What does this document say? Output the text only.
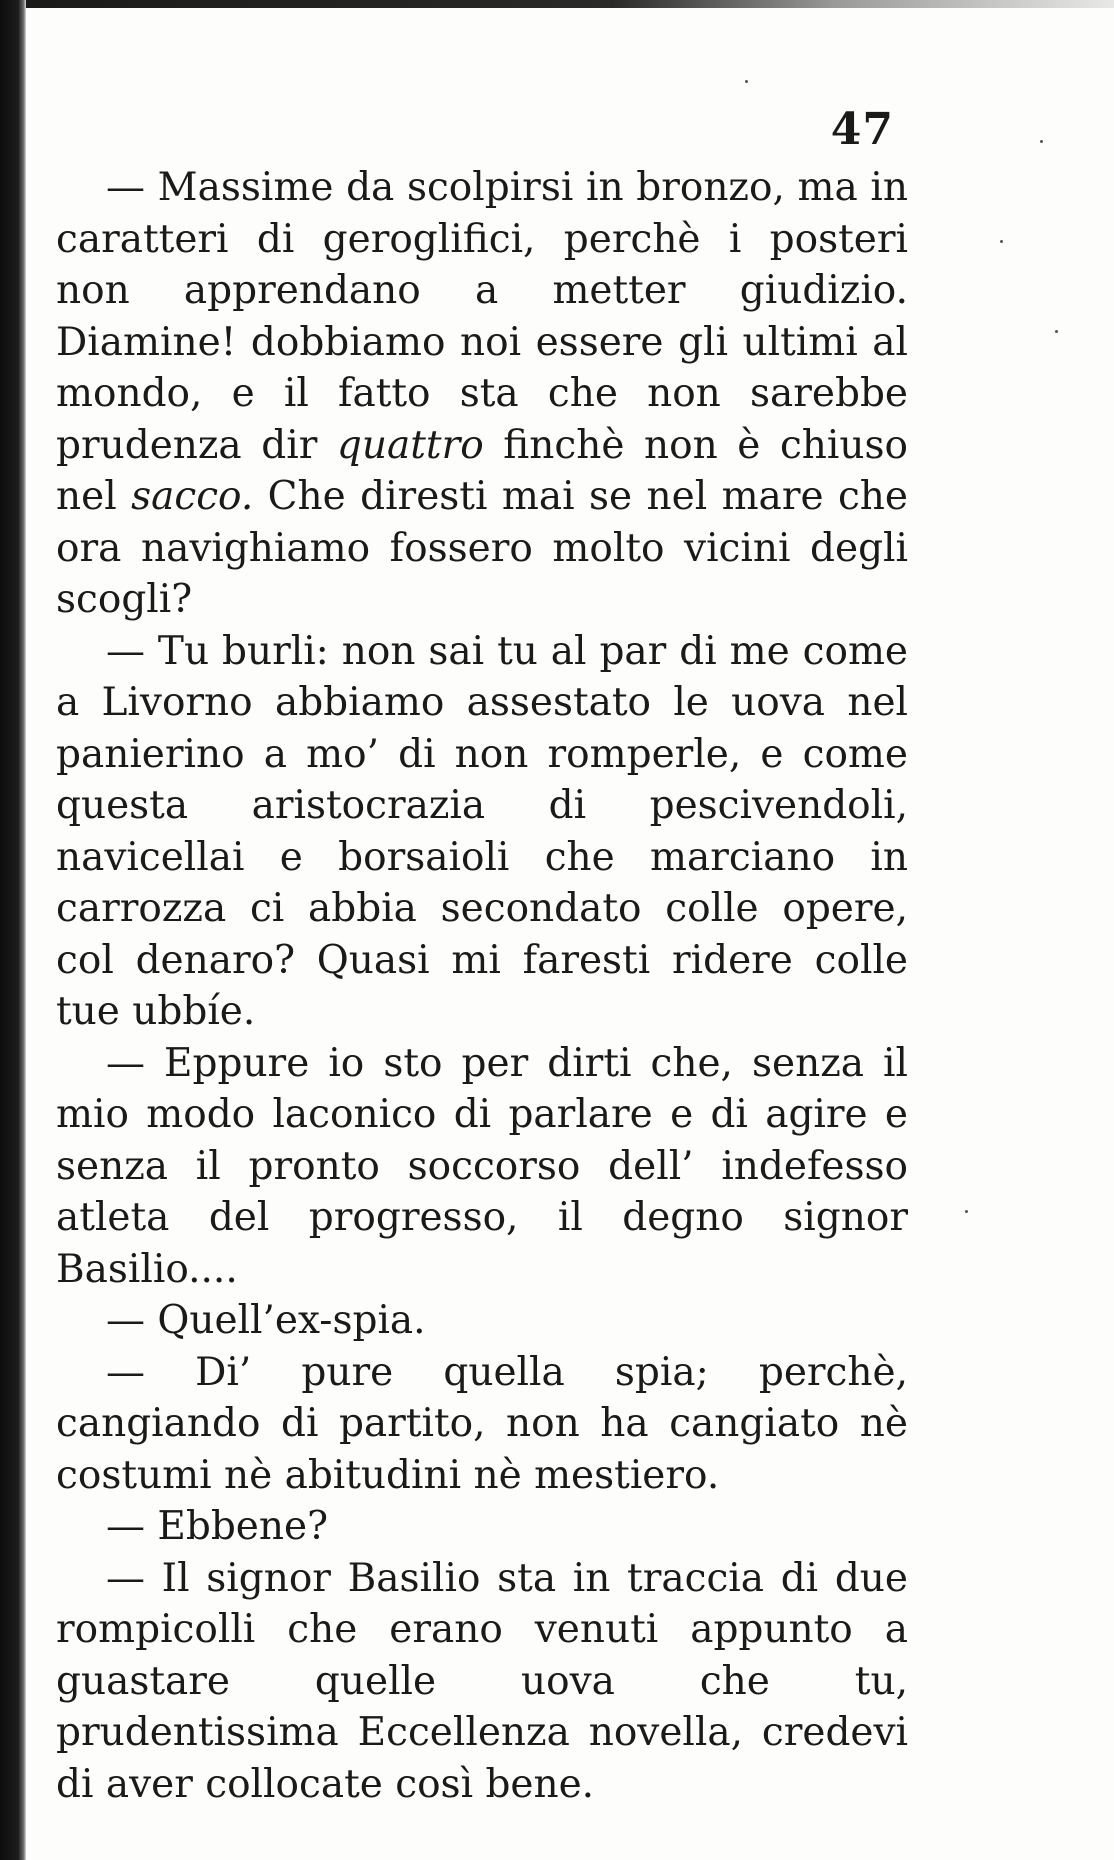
47

— Massime da scolpirsi in bronzo, ma in caratteri di geroglifici, perchè i posteri non apprendano a metter giudizio. Diamine! dobbiamo noi essere gli ultimi al mondo, e il fatto sta che non sarebbe prudenza dir quattro finchè non è chiuso nel sacco. Che diresti mai se nel mare che ora navighiamo fossero molto vicini degli scogli?

— Tu burli: non sai tu al par di me come a Livorno abbiamo assestato le uova nel panierino a mo’ di non romperle, e come questa aristocrazia di pescivendoli, navicellai e borsaioli che marciano in carrozza ci abbia secondato colle opere, col denaro? Quasi mi faresti ridere colle tue ubbíe.

— Eppure io sto per dirti che, senza il mio modo laconico di parlare e di agire e senza il pronto soccorso dell’ indefesso atleta del progresso, il degno signor Basilio....

— Quell’ex-spia.

— Di’ pure quella spia; perchè, cangiando di partito, non ha cangiato nè costumi nè abitudini nè mestiero.

— Ebbene?

— Il signor Basilio sta in traccia di due rompicolli che erano venuti appunto a guastare quelle uova che tu, prudentissima Eccellenza novella, credevi di aver collocate così bene.
